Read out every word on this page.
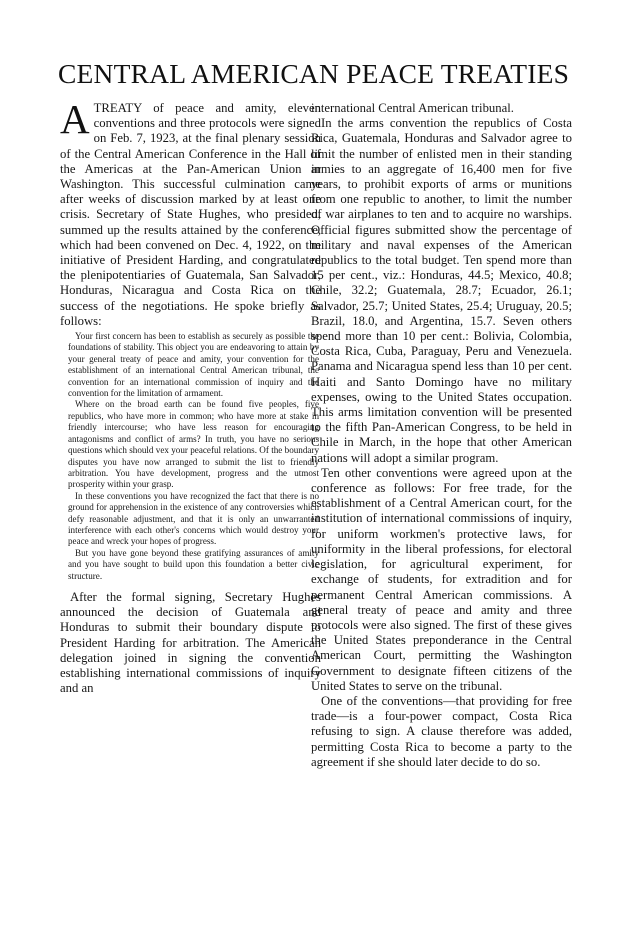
CENTRAL AMERICAN PEACE TREATIES

ATREATY of peace and amity, eleven conventions and three protocols were signed on Feb. 7, 1923, at the final plenary session of the Central American Conference in the Hall of the Americas at the Pan-American Union in Washington. This successful culmination came after weeks of discussion marked by at least one crisis. Secretary of State Hughes, who presided, summed up the results attained by the conference, which had been convened on Dec. 4, 1922, on the initiative of President Harding, and congratulated the plenipotentiaries of Guatemala, San Salvador, Honduras, Nicaragua and Costa Rica on the success of the negotiations. He spoke briefly as follows:

Your first concern has been to establish as securely as possible the foundations of stability. This object you are endeavoring to attain by your general treaty of peace and amity, your convention for the establishment of an international Central American tribunal, the convention for an international commission of inquiry and the convention for the limitation of armament.

Where on the broad earth can be found five peoples, five republics, who have more in common; who have more at stake in friendly intercourse; who have less reason for encouraging antagonisms and conflict of arms? In truth, you have no serious questions which should vex your peaceful relations. Of the boundary disputes you have now arranged to submit the list to friendly arbitration. You have development, progress and the utmost prosperity within your grasp.

In these conventions you have recognized the fact that there is no ground for apprehension in the existence of any controversies which defy reasonable adjustment, and that it is only an unwarranted interference with each other's concerns which would destroy your peace and wreck your hopes of progress.

But you have gone beyond these gratifying assurances of amity and you have sought to build upon this foundation a better civic structure.

After the formal signing, Secretary Hughes announced the decision of Guatemala and Honduras to submit their boundary dispute to President Harding for arbitration. The American delegation joined in signing the convention establishing international commissions of inquiry and an

international Central American tribunal.

In the arms convention the republics of Costa Rica, Guatemala, Honduras and Salvador agree to limit the number of enlisted men in their standing armies to an aggregate of 16,400 men for five years, to prohibit exports of arms or munitions from one republic to another, to limit the number of war airplanes to ten and to acquire no warships. Official figures submitted show the percentage of military and naval expenses of the American republics to the total budget. Ten spend more than 15 per cent., viz.: Honduras, 44.5; Mexico, 40.8; Chile, 32.2; Guatemala, 28.7; Ecuador, 26.1; Salvador, 25.7; United States, 25.4; Uruguay, 20.5; Brazil, 18.0, and Argentina, 15.7. Seven others spend more than 10 per cent.: Bolivia, Colombia, Costa Rica, Cuba, Paraguay, Peru and Venezuela. Panama and Nicaragua spend less than 10 per cent. Haiti and Santo Domingo have no military expenses, owing to the United States occupation. This arms limitation convention will be presented to the fifth Pan-American Congress, to be held in Chile in March, in the hope that other American nations will adopt a similar program.

Ten other conventions were agreed upon at the conference as follows: For free trade, for the establishment of a Central American court, for the institution of international commissions of inquiry, for uniform workmen's protective laws, for uniformity in the liberal professions, for electoral legislation, for agricultural experiment, for exchange of students, for extradition and for permanent Central American commissions. A general treaty of peace and amity and three protocols were also signed. The first of these gives the United States preponderance in the Central American Court, permitting the Washington Government to designate fifteen citizens of the United States to serve on the tribunal.

One of the conventions—that providing for free trade—is a four-power compact, Costa Rica refusing to sign. A clause therefore was added, permitting Costa Rica to become a party to the agreement if she should later decide to do so.
